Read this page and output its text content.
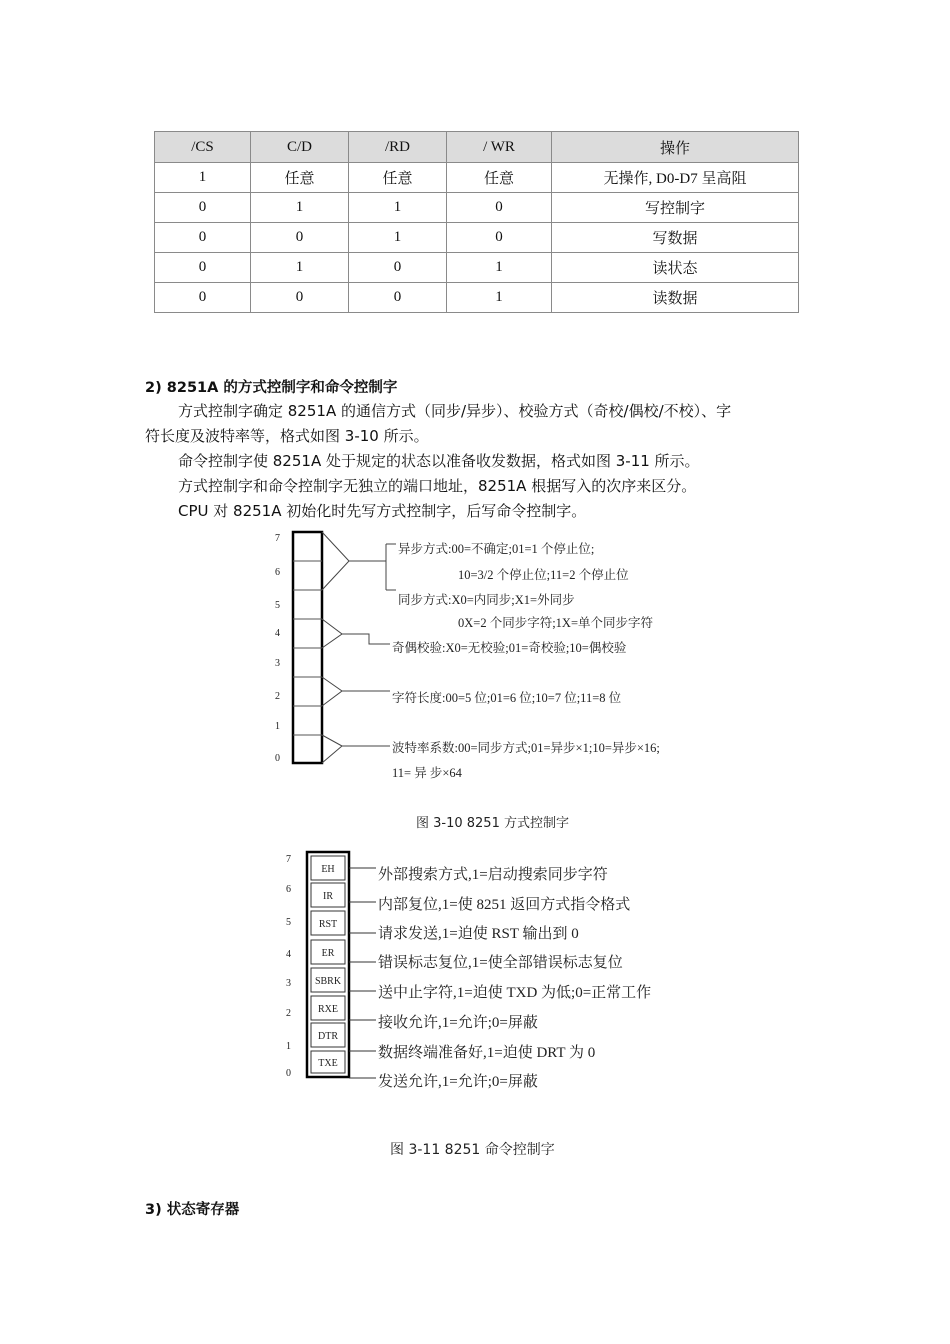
/CS	C/D	/RD	/ WR	操作
1	任意	任意	任意	无操作, D0-D7 呈高阻
0	1	1	0	写控制字
0	0	1	0	写数据
0	1	0	1	读状态
0	0	0	1	读数据
2) 8251A 的方式控制字和命令控制字
方式控制字确定 8251A 的通信方式（同步/异步）、校验方式（奇校/偶校/不校）、字
符长度及波特率等，格式如图 3-10 所示。
命令控制字使 8251A 处于规定的状态以准备收发数据，格式如图 3-11 所示。
方式控制字和命令控制字无独立的端口地址，8251A 根据写入的次序来区分。
CPU 对 8251A 初始化时先写方式控制字，后写命令控制字。
7
6
5
4
3
2
1
0
异步方式:00=不确定;01=1 个停止位;
10=3/2 个停止位;11=2 个停止位
同步方式:X0=内同步;X1=外同步
0X=2 个同步字符;1X=单个同步字符
奇偶校验:X0=无校验;01=奇校验;10=偶校验
字符长度:00=5 位;01=6 位;10=7 位;11=8 位
波特率系数:00=同步方式;01=异步×1;10=异步×16;
11= 异 步×64
图 3-10 8251 方式控制字
7
6
5
4
3
2
1
0
EH
IR
RST
ER
SBRK
RXE
DTR
TXE
外部搜索方式,1=启动搜索同步字符
内部复位,1=使 8251 返回方式指令格式
请求发送,1=迫使 RST 输出到 0
错误标志复位,1=使全部错误标志复位
送中止字符,1=迫使 TXD 为低;0=正常工作
接收允许,1=允许;0=屏蔽
数据终端准备好,1=迫使 DRT 为 0
发送允许,1=允许;0=屏蔽
图 3-11 8251 命令控制字
3) 状态寄存器
